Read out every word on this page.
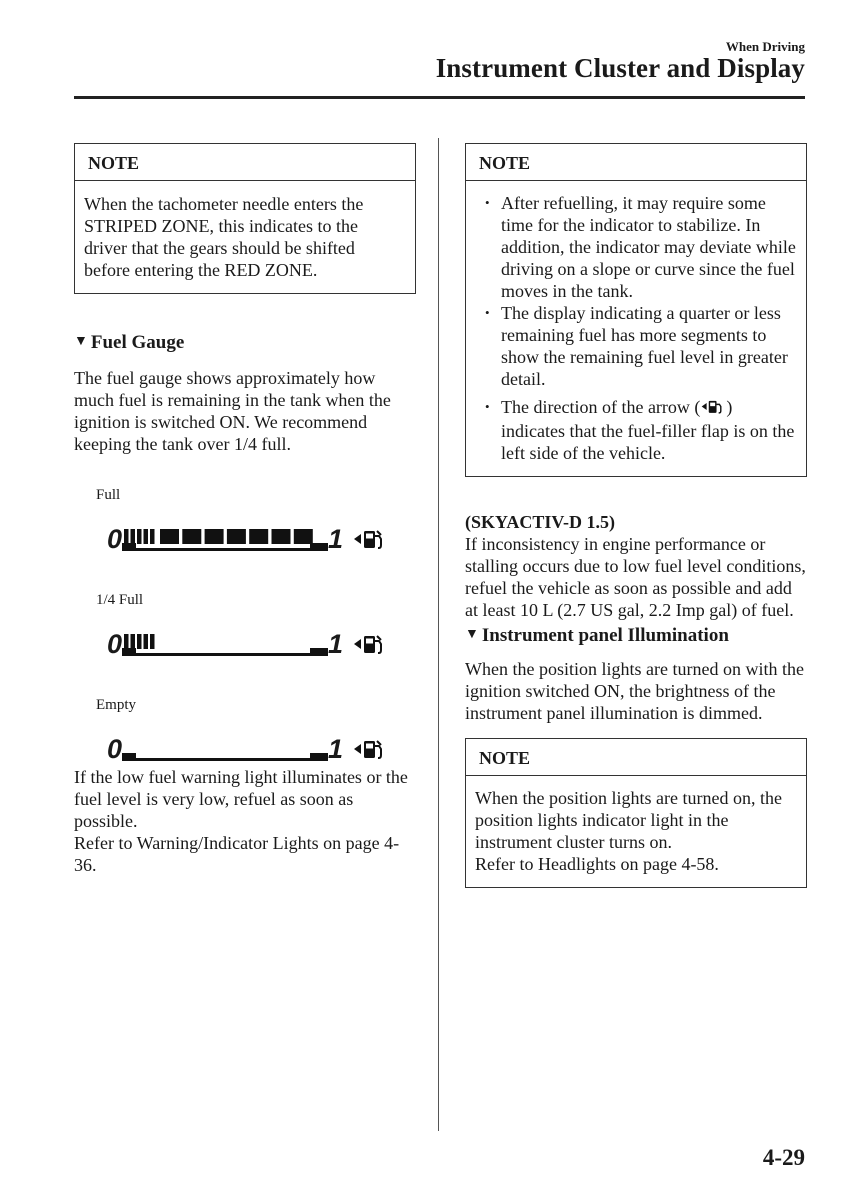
When Driving
Instrument Cluster and Display
NOTE
When the tachometer needle enters the STRIPED ZONE, this indicates to the driver that the gears should be shifted before entering the RED ZONE.
▼ Fuel Gauge

The fuel gauge shows approximately how much fuel is remaining in the tank when the ignition is switched ON. We recommend keeping the tank over 1/4 full.

Full
0	1
1/4 Full
0	1
Empty
0	1

If the low fuel warning light illuminates or the fuel level is very low, refuel as soon as possible.

Refer to Warning/Indicator Lights on page 4-36.

NOTE
• After refuelling, it may require some time for the indicator to stabilize. In addition, the indicator may deviate while driving on a slope or curve since the fuel moves in the tank.
• The display indicating a quarter or less remaining fuel has more segments to show the remaining fuel level in greater detail.
• The direction of the arrow ( ) indicates that the fuel-filler flap is on the left side of the vehicle.
(SKYACTIV-D 1.5)

If inconsistency in engine performance or stalling occurs due to low fuel level conditions, refuel the vehicle as soon as possible and add at least 10 L (2.7 US gal, 2.2 Imp gal) of fuel.

▼ Instrument panel Illumination

When the position lights are turned on with the ignition switched ON, the brightness of the instrument panel illumination is dimmed.

NOTE

When the position lights are turned on, the position lights indicator light in the instrument cluster turns on.

Refer to Headlights on page 4-58.

4-29
